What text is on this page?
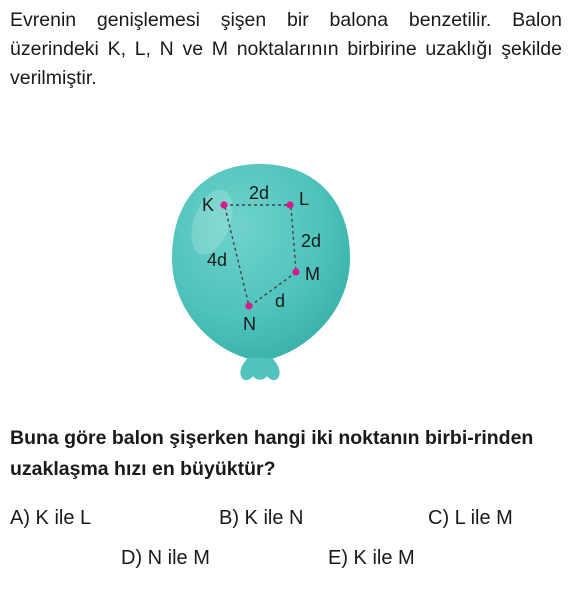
Evrenin genişlemesi şişen bir balona benzetilir. Balon üzerindeki K, L, N ve M noktalarının birbirine uzaklığı şekilde verilmiştir.

K	L
M
N
2d
2d
4d
d

Buna göre balon şişerken hangi iki noktanın birbi-rinden uzaklaşma hızı en büyüktür?

A) K ile L	B) K ile N	C) L ile M
D) N ile M	E) K ile M
